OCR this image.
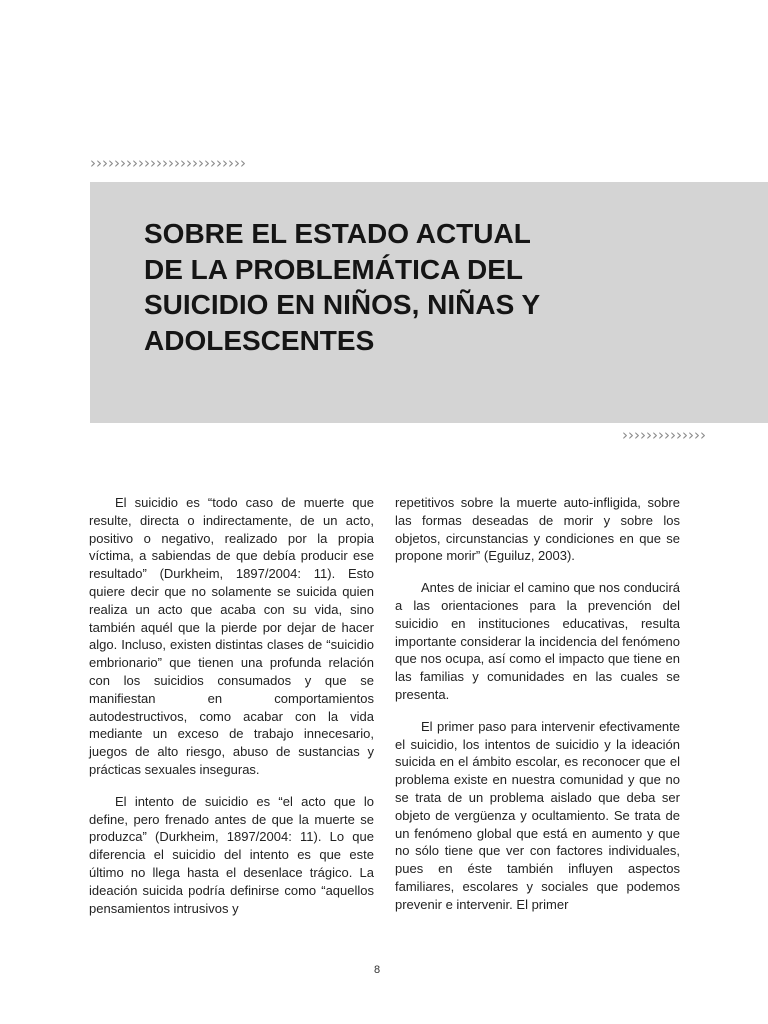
››››››››››››››››››››››››››
SOBRE EL ESTADO ACTUAL
DE LA PROBLEMÁTICA DEL
SUICIDIO EN NIÑOS, NIÑAS Y
ADOLESCENTES
››››››››››››››

El suicidio es “todo caso de muerte que resulte, directa o indirectamente, de un acto, positivo o negativo, realizado por la propia víctima, a sabiendas de que debía producir ese resultado” (Durkheim, 1897/2004: 11). Esto quiere decir que no solamente se suicida quien realiza un acto que acaba con su vida, sino también aquél que la pierde por dejar de hacer algo. Incluso, existen distintas clases de “suicidio embrionario” que tienen una profunda relación con los suicidios consumados y que se manifiestan en comportamientos autodestructivos, como acabar con la vida mediante un exceso de trabajo innecesario, juegos de alto riesgo, abuso de sustancias y prácticas sexuales inseguras.

El intento de suicidio es “el acto que lo define, pero frenado antes de que la muerte se produzca” (Durkheim, 1897/2004: 11). Lo que diferencia el suicidio del intento es que este último no llega hasta el desenlace trágico. La ideación suicida podría definirse como “aquellos pensamientos intrusivos y

repetitivos sobre la muerte auto-infligida, sobre las formas deseadas de morir y sobre los objetos, circunstancias y condiciones en que se propone morir” (Eguiluz, 2003).

Antes de iniciar el camino que nos conducirá a las orientaciones para la prevención del suicidio en instituciones educativas, resulta importante considerar la incidencia del fenómeno que nos ocupa, así como el impacto que tiene en las familias y comunidades en las cuales se presenta.

El primer paso para intervenir efectivamente el suicidio, los intentos de suicidio y la ideación suicida en el ámbito escolar, es reconocer que el problema existe en nuestra comunidad y que no se trata de un problema aislado que deba ser objeto de vergüenza y ocultamiento. Se trata de un fenómeno global que está en aumento y que no sólo tiene que ver con factores individuales, pues en éste también influyen aspectos familiares, escolares y sociales que podemos prevenir e intervenir. El primer

8
